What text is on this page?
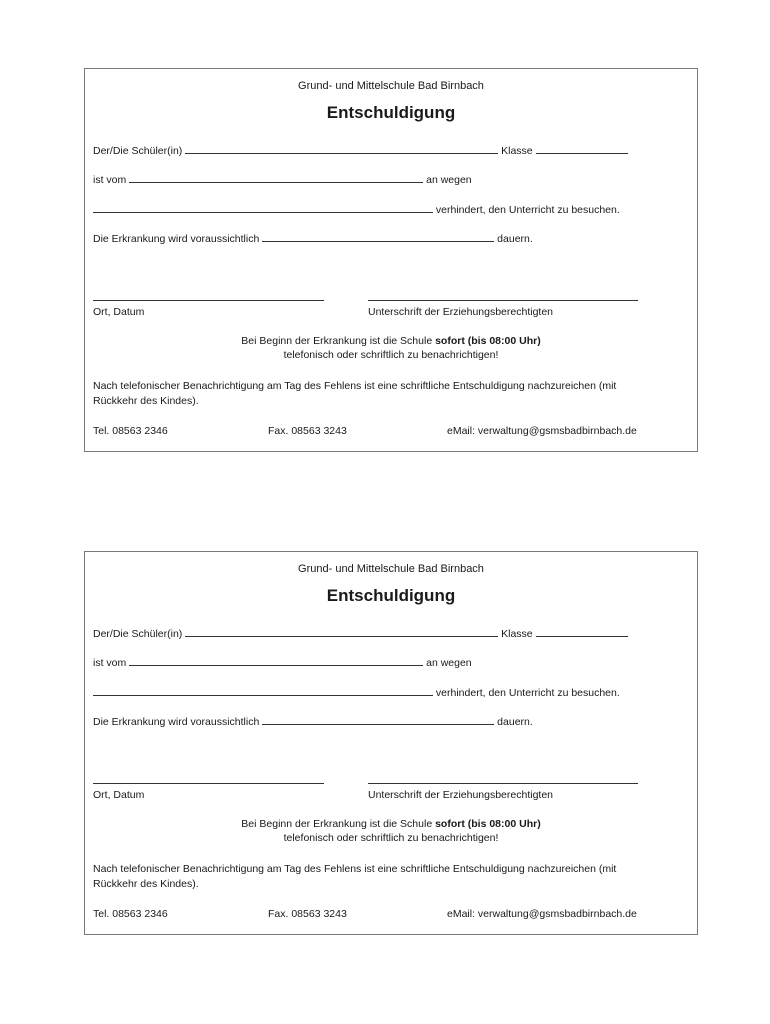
Grund- und Mittelschule Bad Birnbach
Entschuldigung
Der/Die Schüler(in)	Klasse
ist vom	an wegen
verhindert, den Unterricht zu besuchen.
Die Erkrankung wird voraussichtlich	dauern.
Ort, Datum	Unterschrift der Erziehungsberechtigten
Bei Beginn der Erkrankung ist die Schule sofort (bis 08:00 Uhr)
telefonisch oder schriftlich zu benachrichtigen!
Nach telefonischer Benachrichtigung am Tag des Fehlens ist eine schriftliche Entschuldigung nachzureichen (mit
Rückkehr des Kindes).
Tel. 08563 2346	Fax. 08563 3243	eMail: verwaltung@gsmsbadbirnbach.de
Grund- und Mittelschule Bad Birnbach
Entschuldigung
Der/Die Schüler(in)	Klasse
ist vom	an wegen
verhindert, den Unterricht zu besuchen.
Die Erkrankung wird voraussichtlich	dauern.
Ort, Datum	Unterschrift der Erziehungsberechtigten
Bei Beginn der Erkrankung ist die Schule sofort (bis 08:00 Uhr)
telefonisch oder schriftlich zu benachrichtigen!
Nach telefonischer Benachrichtigung am Tag des Fehlens ist eine schriftliche Entschuldigung nachzureichen (mit
Rückkehr des Kindes).
Tel. 08563 2346	Fax. 08563 3243	eMail: verwaltung@gsmsbadbirnbach.de
